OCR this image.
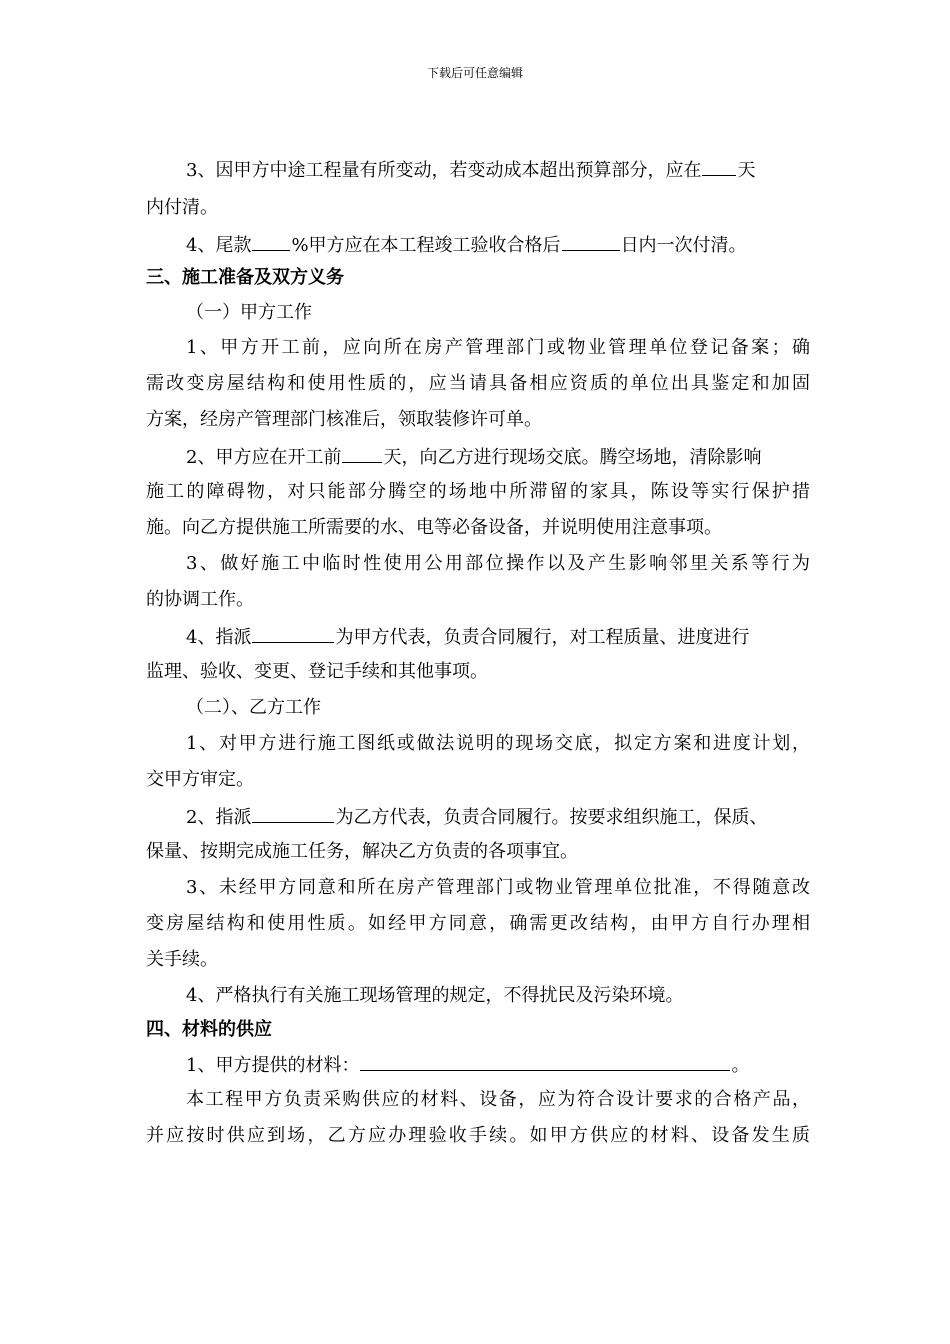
下载后可任意编辑
3、因甲方中途工程量有所变动，若变动成本超出预算部分，应在 天
内付清。
4、尾款 %甲方应在本工程竣工验收合格后	日内一次付清。
三、施工准备及双方义务
（一）甲方工作
1、甲方开工前，应向所在房产管理部门或物业管理单位登记备案；确
需改变房屋结构和使用性质的，应当请具备相应资质的单位出具鉴定和加固
方案，经房产管理部门核准后，领取装修许可单。
2、甲方应在开工前 天，向乙方进行现场交底。腾空场地，清除影响
施工的障碍物，对只能部分腾空的场地中所滞留的家具，陈设等实行保护措
施。向乙方提供施工所需要的水、电等必备设备，并说明使用注意事项。
3、做好施工中临时性使用公用部位操作以及产生影响邻里关系等行为
的协调工作。
4、指派	为甲方代表，负责合同履行，对工程质量、进度进行
监理、验收、变更、登记手续和其他事项。
（二）、乙方工作
1、对甲方进行施工图纸或做法说明的现场交底，拟定方案和进度计划，
交甲方审定。
2、指派	为乙方代表，负责合同履行。按要求组织施工，保质、
保量、按期完成施工任务，解决乙方负责的各项事宜。
3、未经甲方同意和所在房产管理部门或物业管理单位批准，不得随意改
变房屋结构和使用性质。如经甲方同意，确需更改结构，由甲方自行办理相
关手续。
4、严格执行有关施工现场管理的规定，不得扰民及污染环境。
四、材料的供应
1、甲方提供的材料：	。
本工程甲方负责采购供应的材料、设备，应为符合设计要求的合格产品，
并应按时供应到场，乙方应办理验收手续。如甲方供应的材料、设备发生质
